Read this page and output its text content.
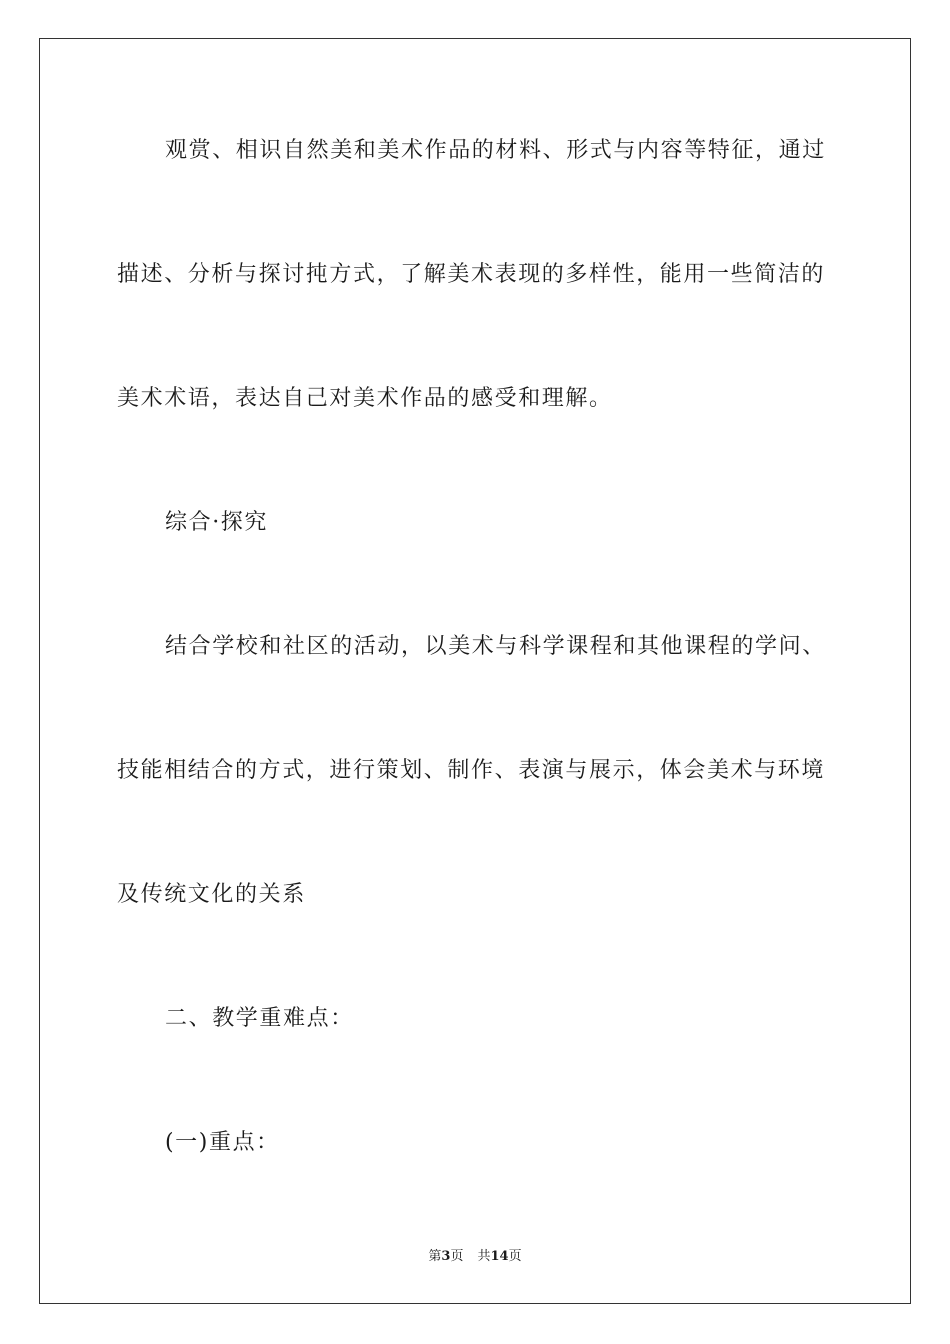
观赏、相识自然美和美术作品的材料、形式与内容等特征，通过
描述、分析与探讨扽方式，了解美术表现的多样性，能用一些简洁的
美术术语，表达自己对美术作品的感受和理解。
综合·探究
结合学校和社区的活动，以美术与科学课程和其他课程的学问、
技能相结合的方式，进行策划、制作、表演与展示，体会美术与环境
及传统文化的关系
二、教学重难点：
(一)重点：
第3页 共14页
